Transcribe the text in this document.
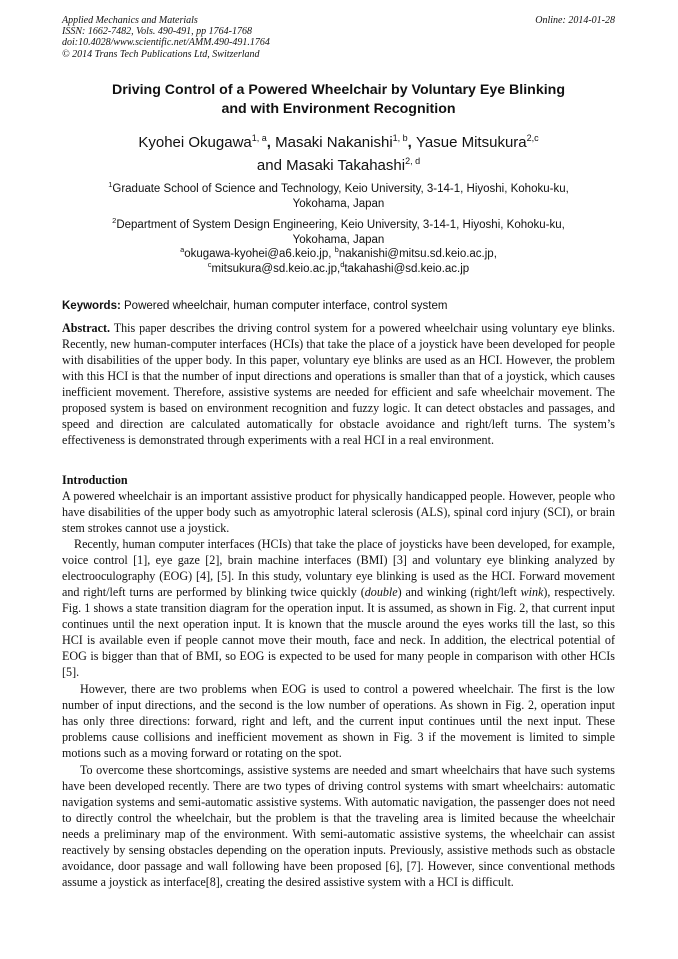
Applied Mechanics and Materials
ISSN: 1662-7482, Vols. 490-491, pp 1764-1768
doi:10.4028/www.scientific.net/AMM.490-491.1764
© 2014 Trans Tech Publications Ltd, Switzerland
Online: 2014-01-28
Driving Control of a Powered Wheelchair by Voluntary Eye Blinking
and with Environment Recognition
Kyohei Okugawa$^{1, a}$, Masaki Nakanishi$^{1, b}$, Yasue Mitsukura$^{2,c}$
and Masaki Takahashi$^{2, d}$
$^1$Graduate School of Science and Technology, Keio University, 3-14-1, Hiyoshi, Kohoku-ku,
Yokohama, Japan
$^2$Department of System Design Engineering, Keio University, 3-14-1, Hiyoshi, Kohoku-ku,
Yokohama, Japan
$^a$okugawa-kyohei@a6.keio.jp, $^b$nakanishi@mitsu.sd.keio.ac.jp,
$^c$mitsukura@sd.keio.ac.jp,$^d$takahashi@sd.keio.ac.jp
Keywords: Powered wheelchair, human computer interface, control system

Abstract. This paper describes the driving control system for a powered wheelchair using voluntary eye blinks. Recently, new human-computer interfaces (HCIs) that take the place of a joystick have been developed for people with disabilities of the upper body. In this paper, voluntary eye blinks are used as an HCI. However, the problem with this HCI is that the number of input directions and operations is smaller than that of a joystick, which causes inefficient movement. Therefore, assistive systems are needed for efficient and safe wheelchair movement. The proposed system is based on environment recognition and fuzzy logic. It can detect obstacles and passages, and speed and direction are calculated automatically for obstacle avoidance and right/left turns. The system’s effectiveness is demonstrated through experiments with a real HCI in a real environment.

Introduction

A powered wheelchair is an important assistive product for physically handicapped people. However, people who have disabilities of the upper body such as amyotrophic lateral sclerosis (ALS), spinal cord injury (SCI), or brain stem strokes cannot use a joystick.

Recently, human computer interfaces (HCIs) that take the place of joysticks have been developed, for example, voice control [1], eye gaze [2], brain machine interfaces (BMI) [3] and voluntary eye blinking analyzed by electrooculography (EOG) [4], [5]. In this study, voluntary eye blinking is used as the HCI. Forward movement and right/left turns are performed by blinking twice quickly (double) and winking (right/left wink), respectively. Fig. 1 shows a state transition diagram for the operation input. It is assumed, as shown in Fig. 2, that current input continues until the next operation input. It is known that the muscle around the eyes works till the last, so this HCI is available even if people cannot move their mouth, face and neck. In addition, the electrical potential of EOG is bigger than that of BMI, so EOG is expected to be used for many people in comparison with other HCIs [5].

However, there are two problems when EOG is used to control a powered wheelchair. The first is the low number of input directions, and the second is the low number of operations. As shown in Fig. 2, operation input has only three directions: forward, right and left, and the current input continues until the next input. These problems cause collisions and inefficient movement as shown in Fig. 3 if the movement is limited to simple motions such as a moving forward or rotating on the spot.

To overcome these shortcomings, assistive systems are needed and smart wheelchairs that have such systems have been developed recently. There are two types of driving control systems with smart wheelchairs: automatic navigation systems and semi-automatic assistive systems. With automatic navigation, the passenger does not need to directly control the wheelchair, but the problem is that the traveling area is limited because the wheelchair needs a preliminary map of the environment. With semi-automatic assistive systems, the wheelchair can assist reactively by sensing obstacles depending on the operation inputs. Previously, assistive methods such as obstacle avoidance, door passage and wall following have been proposed [6], [7]. However, since conventional methods assume a joystick as interface[8], creating the desired assistive system with a HCI is difficult.
